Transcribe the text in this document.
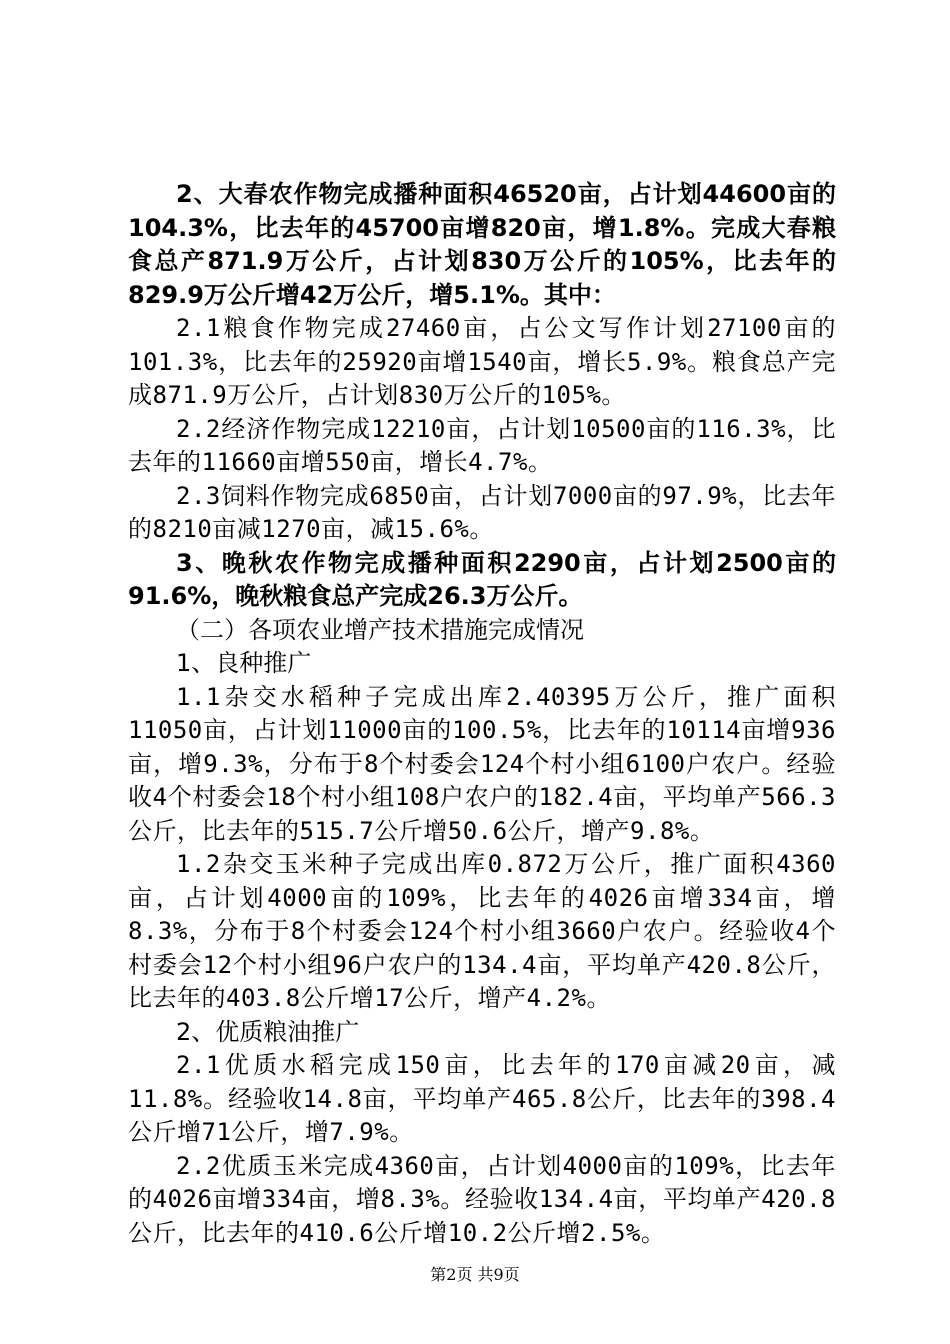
2、大春农作物完成播种面积46520亩，占计划44600亩的104.3%，比去年的45700亩增820亩，增1.8%。完成大春粮食总产871.9万公斤，占计划830万公斤的105%，比去年的829.9万公斤增42万公斤，增5.1%。其中：

2.1粮食作物完成27460亩，占公文写作计划27100亩的101.3%，比去年的25920亩增1540亩，增长5.9%。粮食总产完成871.9万公斤，占计划830万公斤的105%。

2.2经济作物完成12210亩，占计划10500亩的116.3%，比去年的11660亩增550亩，增长4.7%。

2.3饲料作物完成6850亩，占计划7000亩的97.9%，比去年的8210亩减1270亩，减15.6%。

3、晚秋农作物完成播种面积2290亩，占计划2500亩的91.6%，晚秋粮食总产完成26.3万公斤。

（二）各项农业增产技术措施完成情况

1、良种推广

1.1杂交水稻种子完成出库2.40395万公斤，推广面积11050亩，占计划11000亩的100.5%，比去年的10114亩增936亩，增9.3%，分布于8个村委会124个村小组6100户农户。经验收4个村委会18个村小组108户农户的182.4亩，平均单产566.3公斤，比去年的515.7公斤增50.6公斤，增产9.8%。

1.2杂交玉米种子完成出库0.872万公斤，推广面积4360亩，占计划4000亩的109%，比去年的4026亩增334亩，增8.3%，分布于8个村委会124个村小组3660户农户。经验收4个村委会12个村小组96户农户的134.4亩，平均单产420.8公斤，比去年的403.8公斤增17公斤，增产4.2%。

2、优质粮油推广

2.1优质水稻完成150亩，比去年的170亩减20亩，减11.8%。经验收14.8亩，平均单产465.8公斤，比去年的398.4公斤增71公斤，增7.9%。

2.2优质玉米完成4360亩，占计划4000亩的109%，比去年的4026亩增334亩，增8.3%。经验收134.4亩，平均单产420.8公斤，比去年的410.6公斤增10.2公斤增2.5%。

第2页 共9页
